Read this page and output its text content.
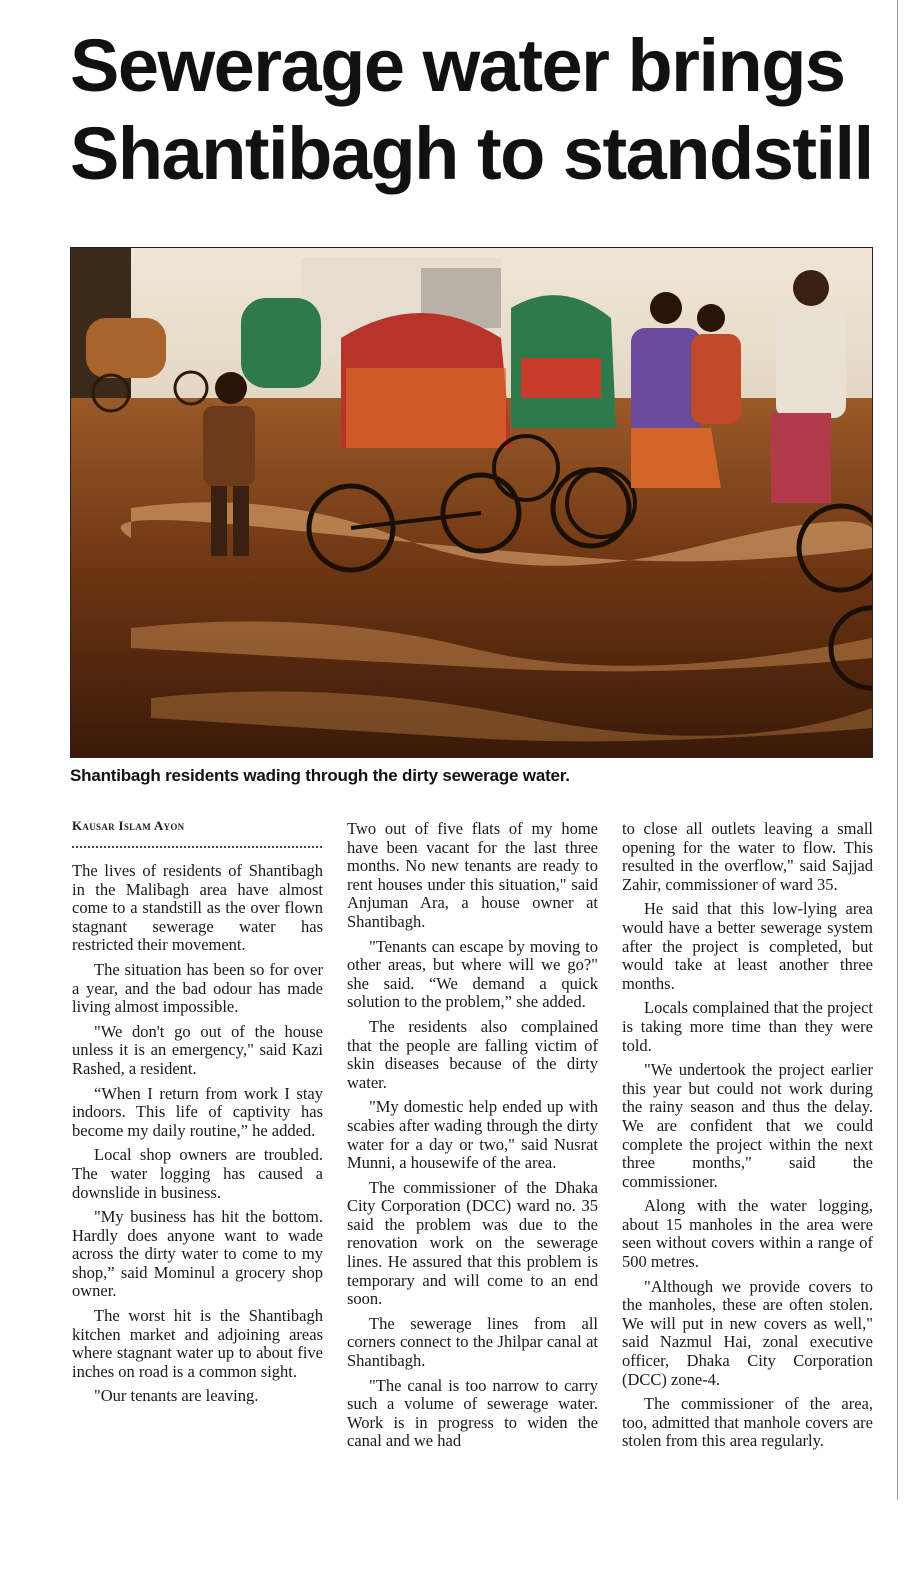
Sewerage water brings
Shantibagh to standstill
Shantibagh residents wading through the dirty sewerage water.
Kausar Islam Ayon

The lives of residents of Shantibagh in the Malibagh area have almost come to a standstill as the over flown stagnant sewerage water has restricted their movement.

The situation has been so for over a year, and the bad odour has made living almost impossible.

"We don't go out of the house unless it is an emergency," said Kazi Rashed, a resident.

“When I return from work I stay indoors. This life of captivity has become my daily routine,” he added.

Local shop owners are troubled. The water logging has caused a downslide in business.

"My business has hit the bottom. Hardly does anyone want to wade across the dirty water to come to my shop,” said Mominul a grocery shop owner.

The worst hit is the Shantibagh kitchen market and adjoining areas where stagnant water up to about five inches on road is a common sight.

"Our tenants are leaving.

Two out of five flats of my home have been vacant for the last three months. No new tenants are ready to rent houses under this situation," said Anjuman Ara, a house owner at Shantibagh.

"Tenants can escape by moving to other areas, but where will we go?" she said. “We demand a quick solution to the problem,” she added.

The residents also complained that the people are falling victim of skin diseases because of the dirty water.

"My domestic help ended up with scabies after wading through the dirty water for a day or two," said Nusrat Munni, a housewife of the area.

The commissioner of the Dhaka City Corporation (DCC) ward no. 35 said the problem was due to the renovation work on the sewerage lines. He assured that this problem is temporary and will come to an end soon.

The sewerage lines from all corners connect to the Jhilpar canal at Shantibagh.

"The canal is too narrow to carry such a volume of sewerage water. Work is in progress to widen the canal and we had

to close all outlets leaving a small opening for the water to flow. This resulted in the overflow," said Sajjad Zahir, commissioner of ward 35.

He said that this low-lying area would have a better sewerage system after the project is completed, but would take at least another three months.

Locals complained that the project is taking more time than they were told.

"We undertook the project earlier this year but could not work during the rainy season and thus the delay. We are confident that we could complete the project within the next three months," said the commissioner.

Along with the water logging, about 15 manholes in the area were seen without covers within a range of 500 metres.

"Although we provide covers to the manholes, these are often stolen. We will put in new covers as well," said Nazmul Hai, zonal executive officer, Dhaka City Corporation (DCC) zone-4.

The commissioner of the area, too, admitted that manhole covers are stolen from this area regularly.
